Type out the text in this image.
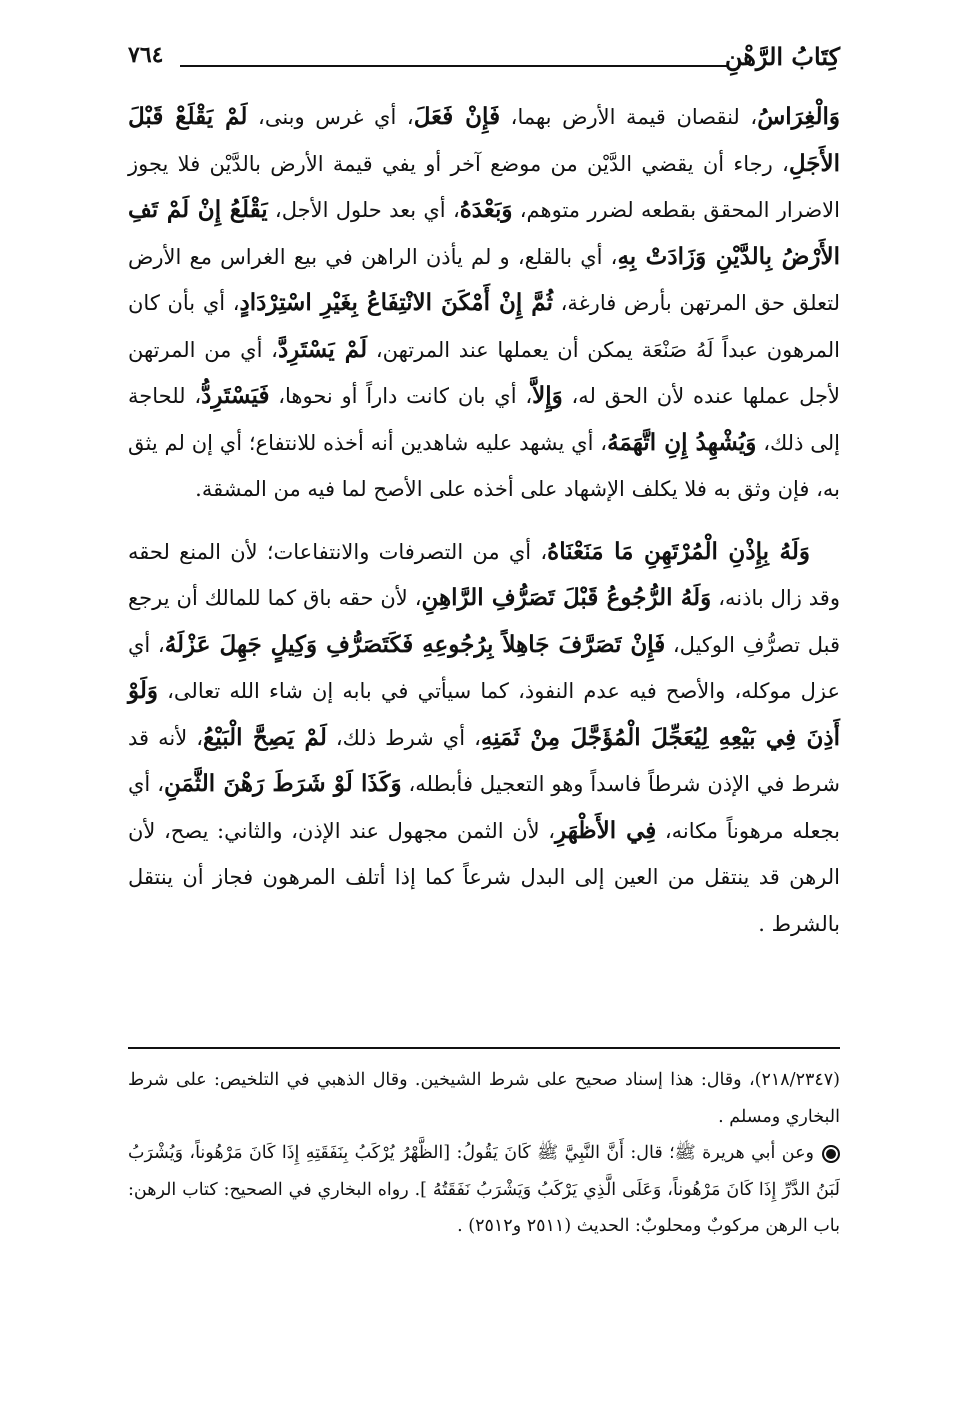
كِتَابُ الرَّهْنِ
٧٦٤

وَالْغِرَاسُ، لنقصان قيمة الأرض بهما، فَإِنْ فَعَلَ، أي غرس وبنى، لَمْ يَقْلَعْ قَبْلَ الأَجَلِ، رجاء أن يقضي الدَّيْن من موضع آخر أو يفي قيمة الأرض بالدَّيْن فلا يجوز الاضرار المحقق بقطعه لضرر متوهم، وَبَعْدَهُ، أي بعد حلول الأجل، يَقْلَعُ إِنْ لَمْ تَفِ الأَرْضُ بِالدَّيْنِ وَزَادَتْ بِهِ، أي بالقلع، و لم يأذن الراهن في بيع الغراس مع الأرض لتعلق حق المرتهن بأرض فارغة، ثُمَّ إِنْ أَمْكَنَ الانْتِفَاعُ بِغَيْرِ اسْتِرْدَادٍ، أي بأن كان المرهون عبداً لَهُ صَنْعَة يمكن أن يعملها عند المرتهن، لَمْ يَسْتَرِدَّ، أي من المرتهن لأجل عملها عنده لأن الحق له، وَإِلاَّ، أي بان كانت داراً أو نحوها، فَيَسْتَرِدُّ، للحاجة إلى ذلك، وَيُشْهِدُ إِنِ اتَّهَمَهُ، أي يشهد عليه شاهدين أنه أخذه للانتفاع؛ أي إن لم يثق به، فإن وثق به فلا يكلف الإشهاد على أخذه على الأصح لما فيه من المشقة.

وَلَهُ بِإِذْنِ الْمُرْتَهِنِ مَا مَنَعْنَاهُ، أي من التصرفات والانتفاعات؛ لأن المنع لحقه وقد زال باذنه، وَلَهُ الرُّجُوعُ قَبْلَ تَصَرُّفِ الرَّاهِنِ، لأن حقه باق كما للمالك أن يرجع قبل تصرُّفِ الوكيل، فَإِنْ تَصَرَّفَ جَاهِلاً بِرُجُوعِهِ فَكَتَصَرُّفِ وَكِيلٍ جَهِلَ عَزْلَهُ، أي عزل موكله، والأصح فيه عدم النفوذ، كما سيأتي في بابه إن شاء الله تعالى، وَلَوْ أَذِنَ فِي بَيْعِهِ لِيُعَجِّلَ الْمُؤَجَّلَ مِنْ ثَمَنِهِ، أي شرط ذلك، لَمْ يَصِحَّ الْبَيْعُ، لأنه قد شرط في الإذن شرطاً فاسداً وهو التعجيل فأبطله، وَكَذَا لَوْ شَرَطَ رَهْنَ الثَّمَنِ، أي بجعله مرهوناً مكانه، فِي الأَظْهَرِ، لأن الثمن مجهول عند الإذن، والثاني: يصح، لأن الرهن قد ينتقل من العين إلى البدل شرعاً كما إذا أتلف المرهون فجاز أن ينتقل بالشرط .

(٢١٨/٢٣٤٧)، وقال: هذا إسناد صحيح على شرط الشيخين. وقال الذهبي في التلخيص: على شرط البخاري ومسلم .

وعن أبي هريرة ﷺ؛ قال: أَنَّ النَّبِيَّ ﷺ كَانَ يَقُولُ: [الظَّهْرُ يُرْكَبُ بِنَفَقَتِهِ إِذَا كَانَ مَرْهُوناً، وَيُشْرَبُ لَبَنُ الدَّرِّ إِذَا كَانَ مَرْهُوناً، وَعَلَى الَّذِي يَرْكَبُ وَيَشْرَبُ نَفَقَتُهُ ]. رواه البخاري في الصحيح: كتاب الرهن: باب الرهن مركوبٌ ومحلوبٌ: الحديث (٢٥١١ و٢٥١٢) .
